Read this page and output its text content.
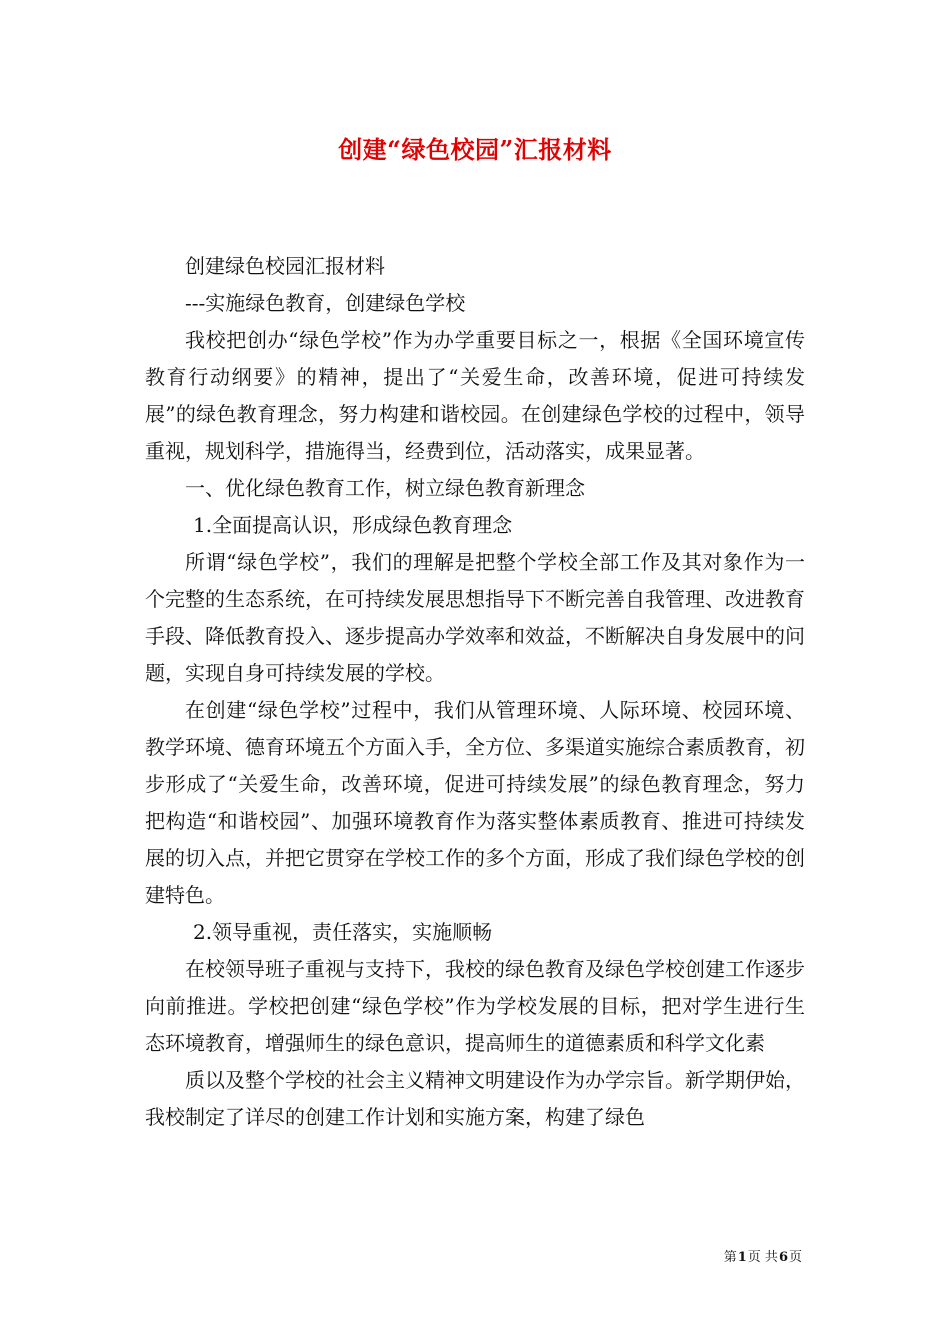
创建“绿色校园”汇报材料

创建绿色校园汇报材料

---实施绿色教育，创建绿色学校

我校把创办“绿色学校”作为办学重要目标之一，根据《全国环境宣传教育行动纲要》的精神，提出了“关爱生命，改善环境，促进可持续发展”的绿色教育理念，努力构建和谐校园。在创建绿色学校的过程中，领导重视，规划科学，措施得当，经费到位，活动落实，成果显著。

一、优化绿色教育工作，树立绿色教育新理念

1.全面提高认识，形成绿色教育理念

所谓“绿色学校”，我们的理解是把整个学校全部工作及其对象作为一个完整的生态系统，在可持续发展思想指导下不断完善自我管理、改进教育手段、降低教育投入、逐步提高办学效率和效益，不断解决自身发展中的问题，实现自身可持续发展的学校。

在创建“绿色学校”过程中，我们从管理环境、人际环境、校园环境、教学环境、德育环境五个方面入手，全方位、多渠道实施综合素质教育，初步形成了“关爱生命，改善环境，促进可持续发展”的绿色教育理念，努力把构造“和谐校园”、加强环境教育作为落实整体素质教育、推进可持续发展的切入点，并把它贯穿在学校工作的多个方面，形成了我们绿色学校的创建特色。

2.领导重视，责任落实，实施顺畅

在校领导班子重视与支持下，我校的绿色教育及绿色学校创建工作逐步向前推进。学校把创建“绿色学校”作为学校发展的目标，把对学生进行生态环境教育，增强师生的绿色意识，提高师生的道德素质和科学文化素

质以及整个学校的社会主义精神文明建设作为办学宗旨。新学期伊始，我校制定了详尽的创建工作计划和实施方案，构建了绿色

第1页 共6页
